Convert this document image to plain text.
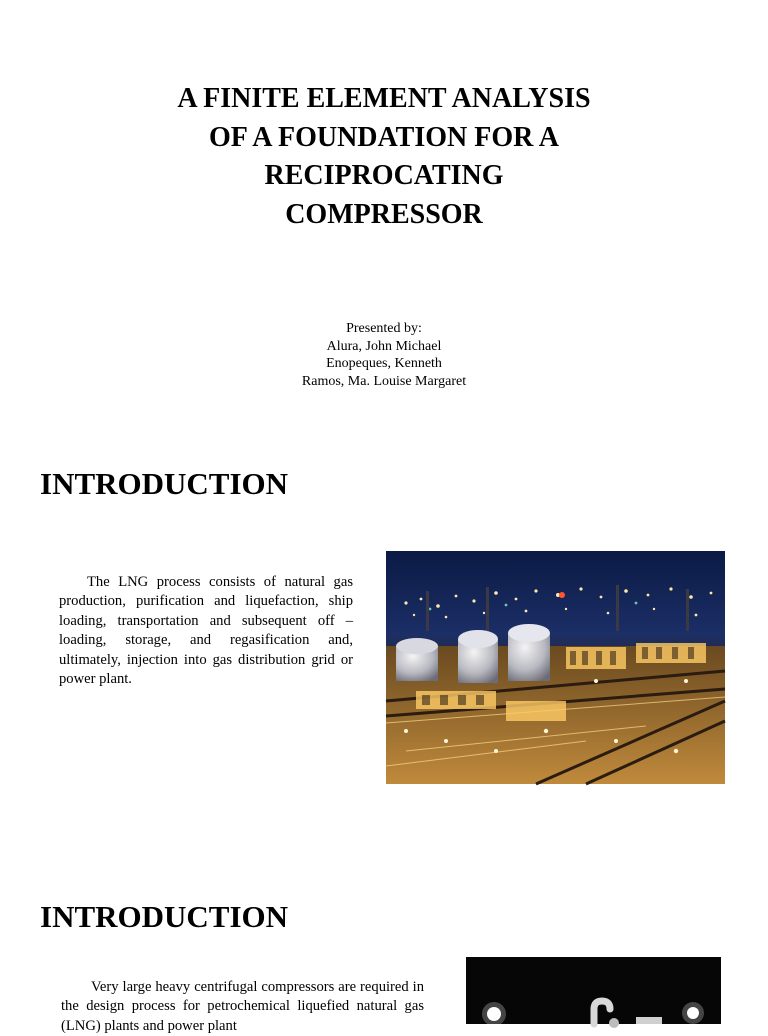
A FINITE ELEMENT ANALYSIS
OF A FOUNDATION FOR A
RECIPROCATING
COMPRESSOR
Presented by:
Alura, John Michael
Enopeques, Kenneth
Ramos, Ma. Louise Margaret
INTRODUCTION

The LNG process consists of natural gas production, purification and liquefaction, ship loading, transportation and subsequent off – loading, storage, and regasification and, ultimately, injection into gas distribution grid or power plant.

INTRODUCTION

Very large heavy centrifugal compressors are required in the design process for petrochemical liquefied natural gas (LNG) plants and power plant
